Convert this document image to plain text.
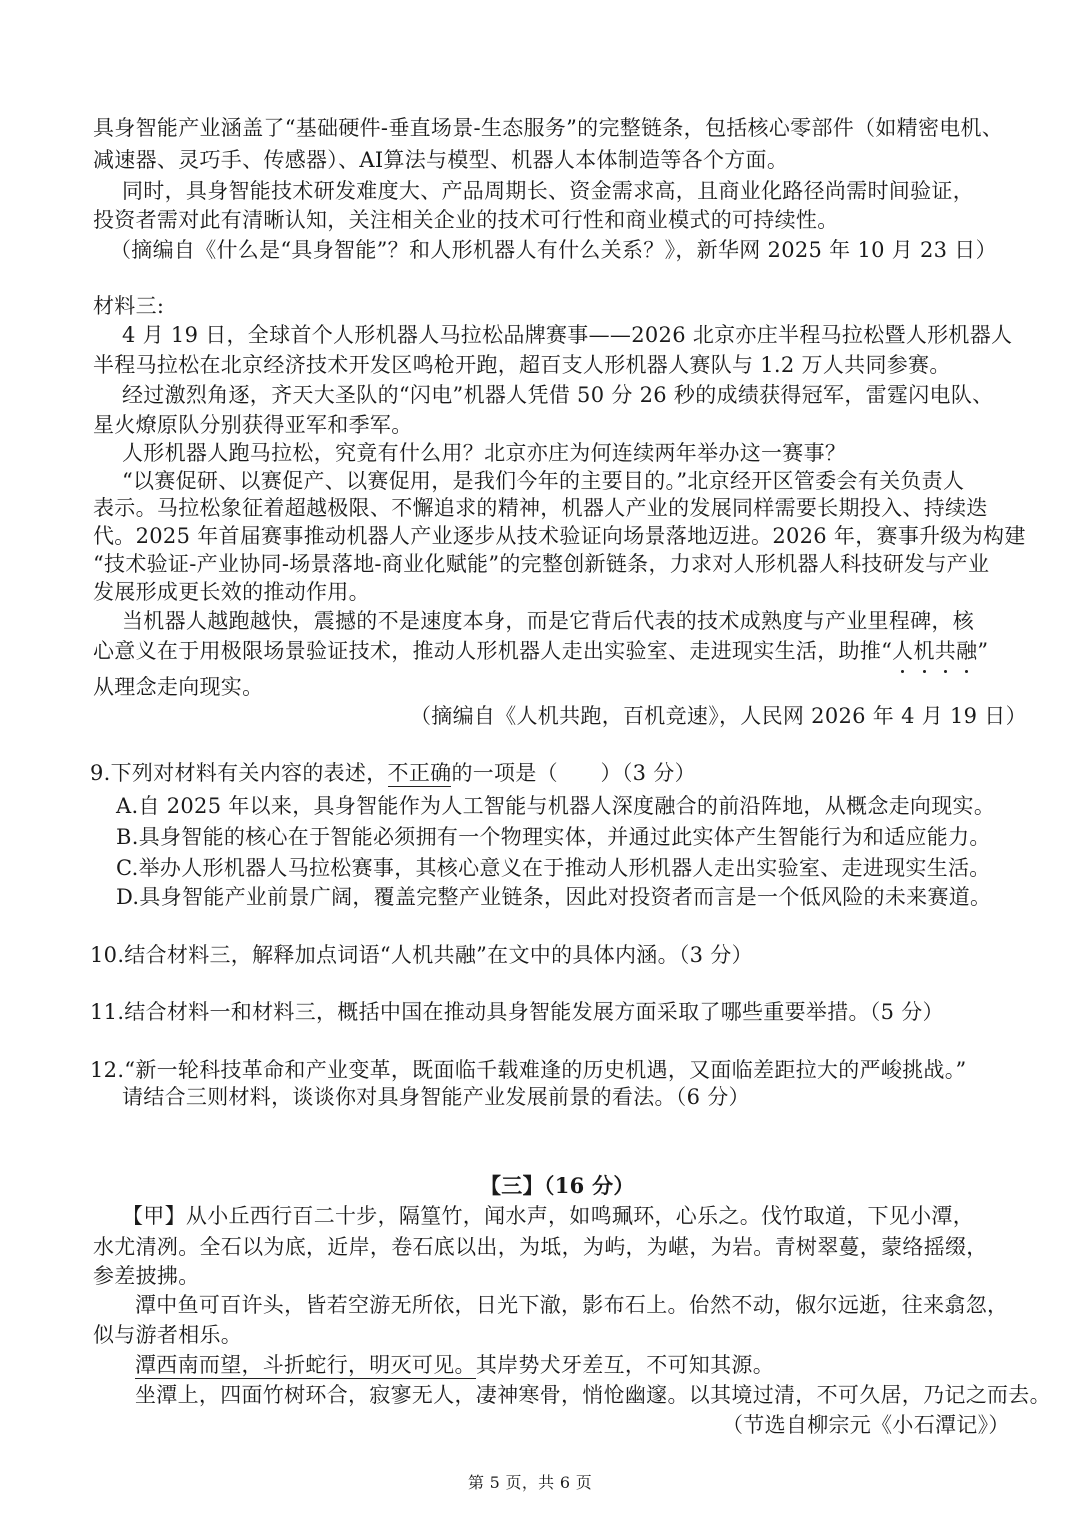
具身智能产业涵盖了“基础硬件-垂直场景-生态服务”的完整链条，包括核心零部件（如精密电机、
减速器、灵巧手、传感器）、AI算法与模型、机器人本体制造等各个方面。
同时，具身智能技术研发难度大、产品周期长、资金需求高，且商业化路径尚需时间验证，
投资者需对此有清晰认知，关注相关企业的技术可行性和商业模式的可持续性。
（摘编自《什么是“具身智能”？和人形机器人有什么关系？》，新华网 2025 年 10 月 23 日）
材料三:
4 月 19 日，全球首个人形机器人马拉松品牌赛事——2026 北京亦庄半程马拉松暨人形机器人
半程马拉松在北京经济技术开发区鸣枪开跑，超百支人形机器人赛队与 1.2 万人共同参赛。
经过激烈角逐，齐天大圣队的“闪电”机器人凭借 50 分 26 秒的成绩获得冠军，雷霆闪电队、
星火燎原队分别获得亚军和季军。
人形机器人跑马拉松，究竟有什么用？北京亦庄为何连续两年举办这一赛事？
“以赛促研、以赛促产、以赛促用，是我们今年的主要目的。”北京经开区管委会有关负责人
表示。马拉松象征着超越极限、不懈追求的精神，机器人产业的发展同样需要长期投入、持续迭
代。2025 年首届赛事推动机器人产业逐步从技术验证向场景落地迈进。2026 年，赛事升级为构建
“技术验证-产业协同-场景落地-商业化赋能”的完整创新链条，力求对人形机器人科技研发与产业
发展形成更长效的推动作用。
当机器人越跑越快，震撼的不是速度本身，而是它背后代表的技术成熟度与产业里程碑，核
心意义在于用极限场景验证技术，推动人形机器人走出实验室、走进现实生活，助推“人机共融”
从理念走向现实。
（摘编自《人机共跑，百机竞速》，人民网 2026 年 4 月 19 日）
9.下列对材料有关内容的表述，不正确的一项是（　　）（3 分）
A.自 2025 年以来，具身智能作为人工智能与机器人深度融合的前沿阵地，从概念走向现实。
B.具身智能的核心在于智能必须拥有一个物理实体，并通过此实体产生智能行为和适应能力。
C.举办人形机器人马拉松赛事，其核心意义在于推动人形机器人走出实验室、走进现实生活。
D.具身智能产业前景广阔，覆盖完整产业链条，因此对投资者而言是一个低风险的未来赛道。
10.结合材料三，解释加点词语“人机共融”在文中的具体内涵。（3 分）
11.结合材料一和材料三，概括中国在推动具身智能发展方面采取了哪些重要举措。（5 分）
12.“新一轮科技革命和产业变革，既面临千载难逢的历史机遇，又面临差距拉大的严峻挑战。”
请结合三则材料，谈谈你对具身智能产业发展前景的看法。（6 分）
【三】（16 分）
【甲】从小丘西行百二十步，隔篁竹，闻水声，如鸣珮环，心乐之。伐竹取道，下见小潭，
水尤清冽。全石以为底，近岸，卷石底以出，为坻，为屿，为嵁，为岩。青树翠蔓，蒙络摇缀，
参差披拂。
潭中鱼可百许头，皆若空游无所依，日光下澈，影布石上。佁然不动，俶尔远逝，往来翕忽，
似与游者相乐。
潭西南而望，斗折蛇行，明灭可见。其岸势犬牙差互，不可知其源。
坐潭上，四面竹树环合，寂寥无人，凄神寒骨，悄怆幽邃。以其境过清，不可久居，乃记之而去。
（节选自柳宗元《小石潭记》）
第 5 页，共 6 页
